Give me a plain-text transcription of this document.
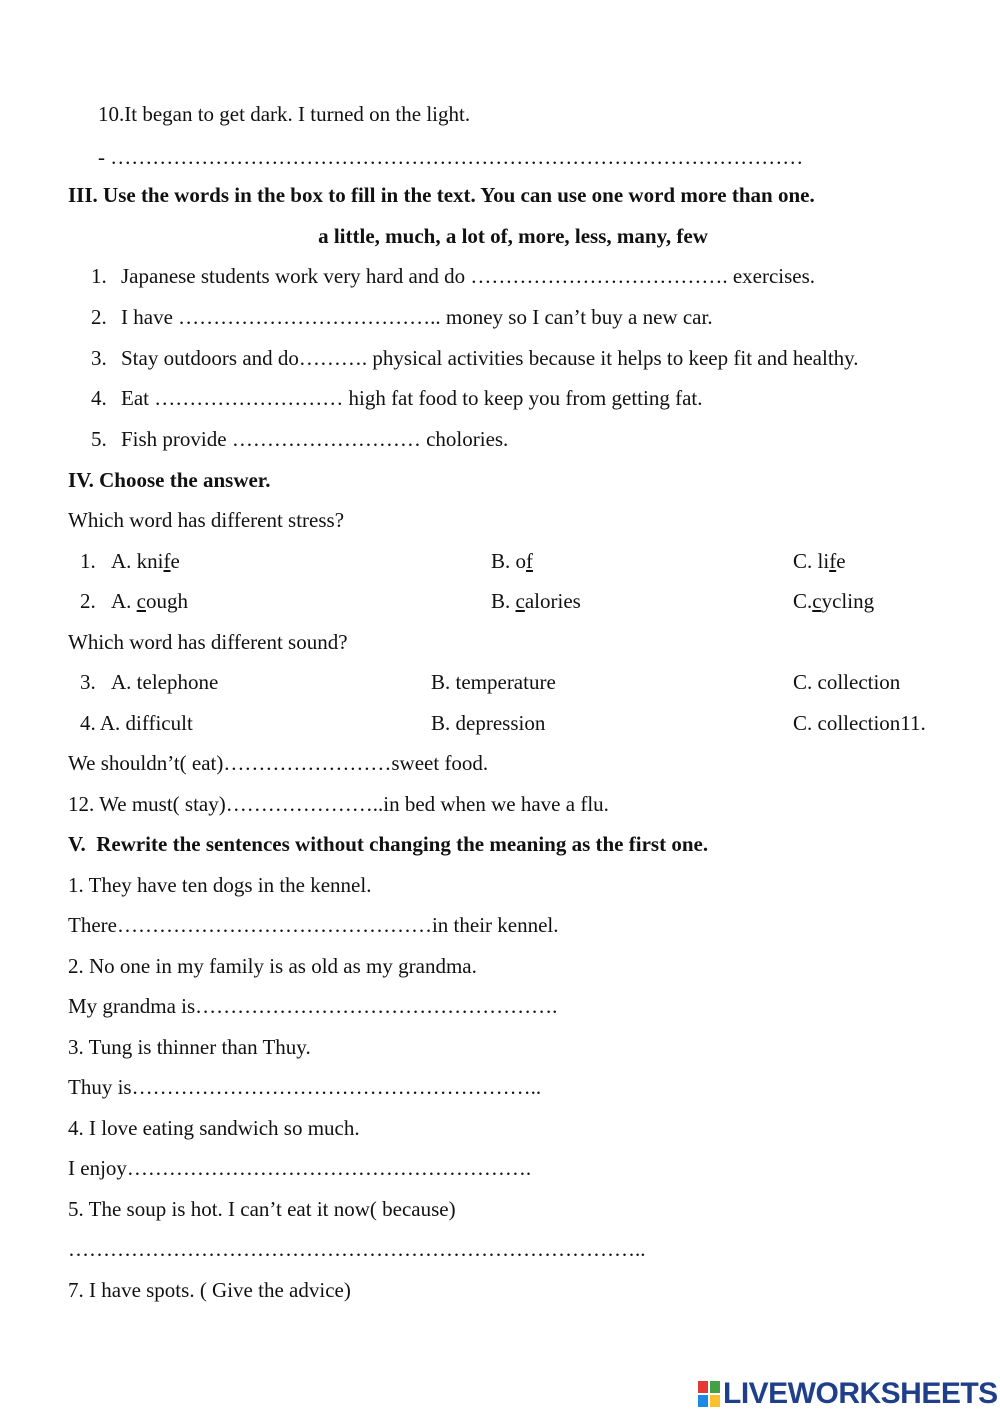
10.It began to get dark. I turned on the light.
- ………………………………………………………………………………………
III. Use the words in the box to fill in the text. You can use one word more than one.
a little, much, a lot of, more, less, many, few
1. Japanese students work very hard and do ………………………………. exercises.
2. I have ……………………………….. money so I can’t buy a new car.
3. Stay outdoors and do………. physical activities because it helps to keep fit and healthy.
4. Eat ……………………… high fat food to keep you from getting fat.
5. Fish provide ……………………… cholories.
IV. Choose the answer.
Which word has different stress?
1. A. knife	B. of	C. life
2. A. cough	B. calories	C.cycling
Which word has different sound?
3. A. telephone	B. temperature	C. collection
4. A. difficult	B. depression	C. collection11.
We shouldn’t( eat)……………………sweet food.
12. We must( stay)…………………..in bed when we have a flu.
V.  Rewrite the sentences without changing the meaning as the first one.
1. They have ten dogs in the kennel.
There………………………………………in their kennel.
2. No one in my family is as old as my grandma.
My grandma is…………………………………………….
3. Tung is thinner than Thuy.
Thuy is…………………………………………………..
4. I love eating sandwich so much.
I enjoy………………………………………………….
5. The soup is hot. I can’t eat it now( because)
………………………………………………………………………..
7. I have spots. ( Give the advice)
LIVEWORKSHEETS
